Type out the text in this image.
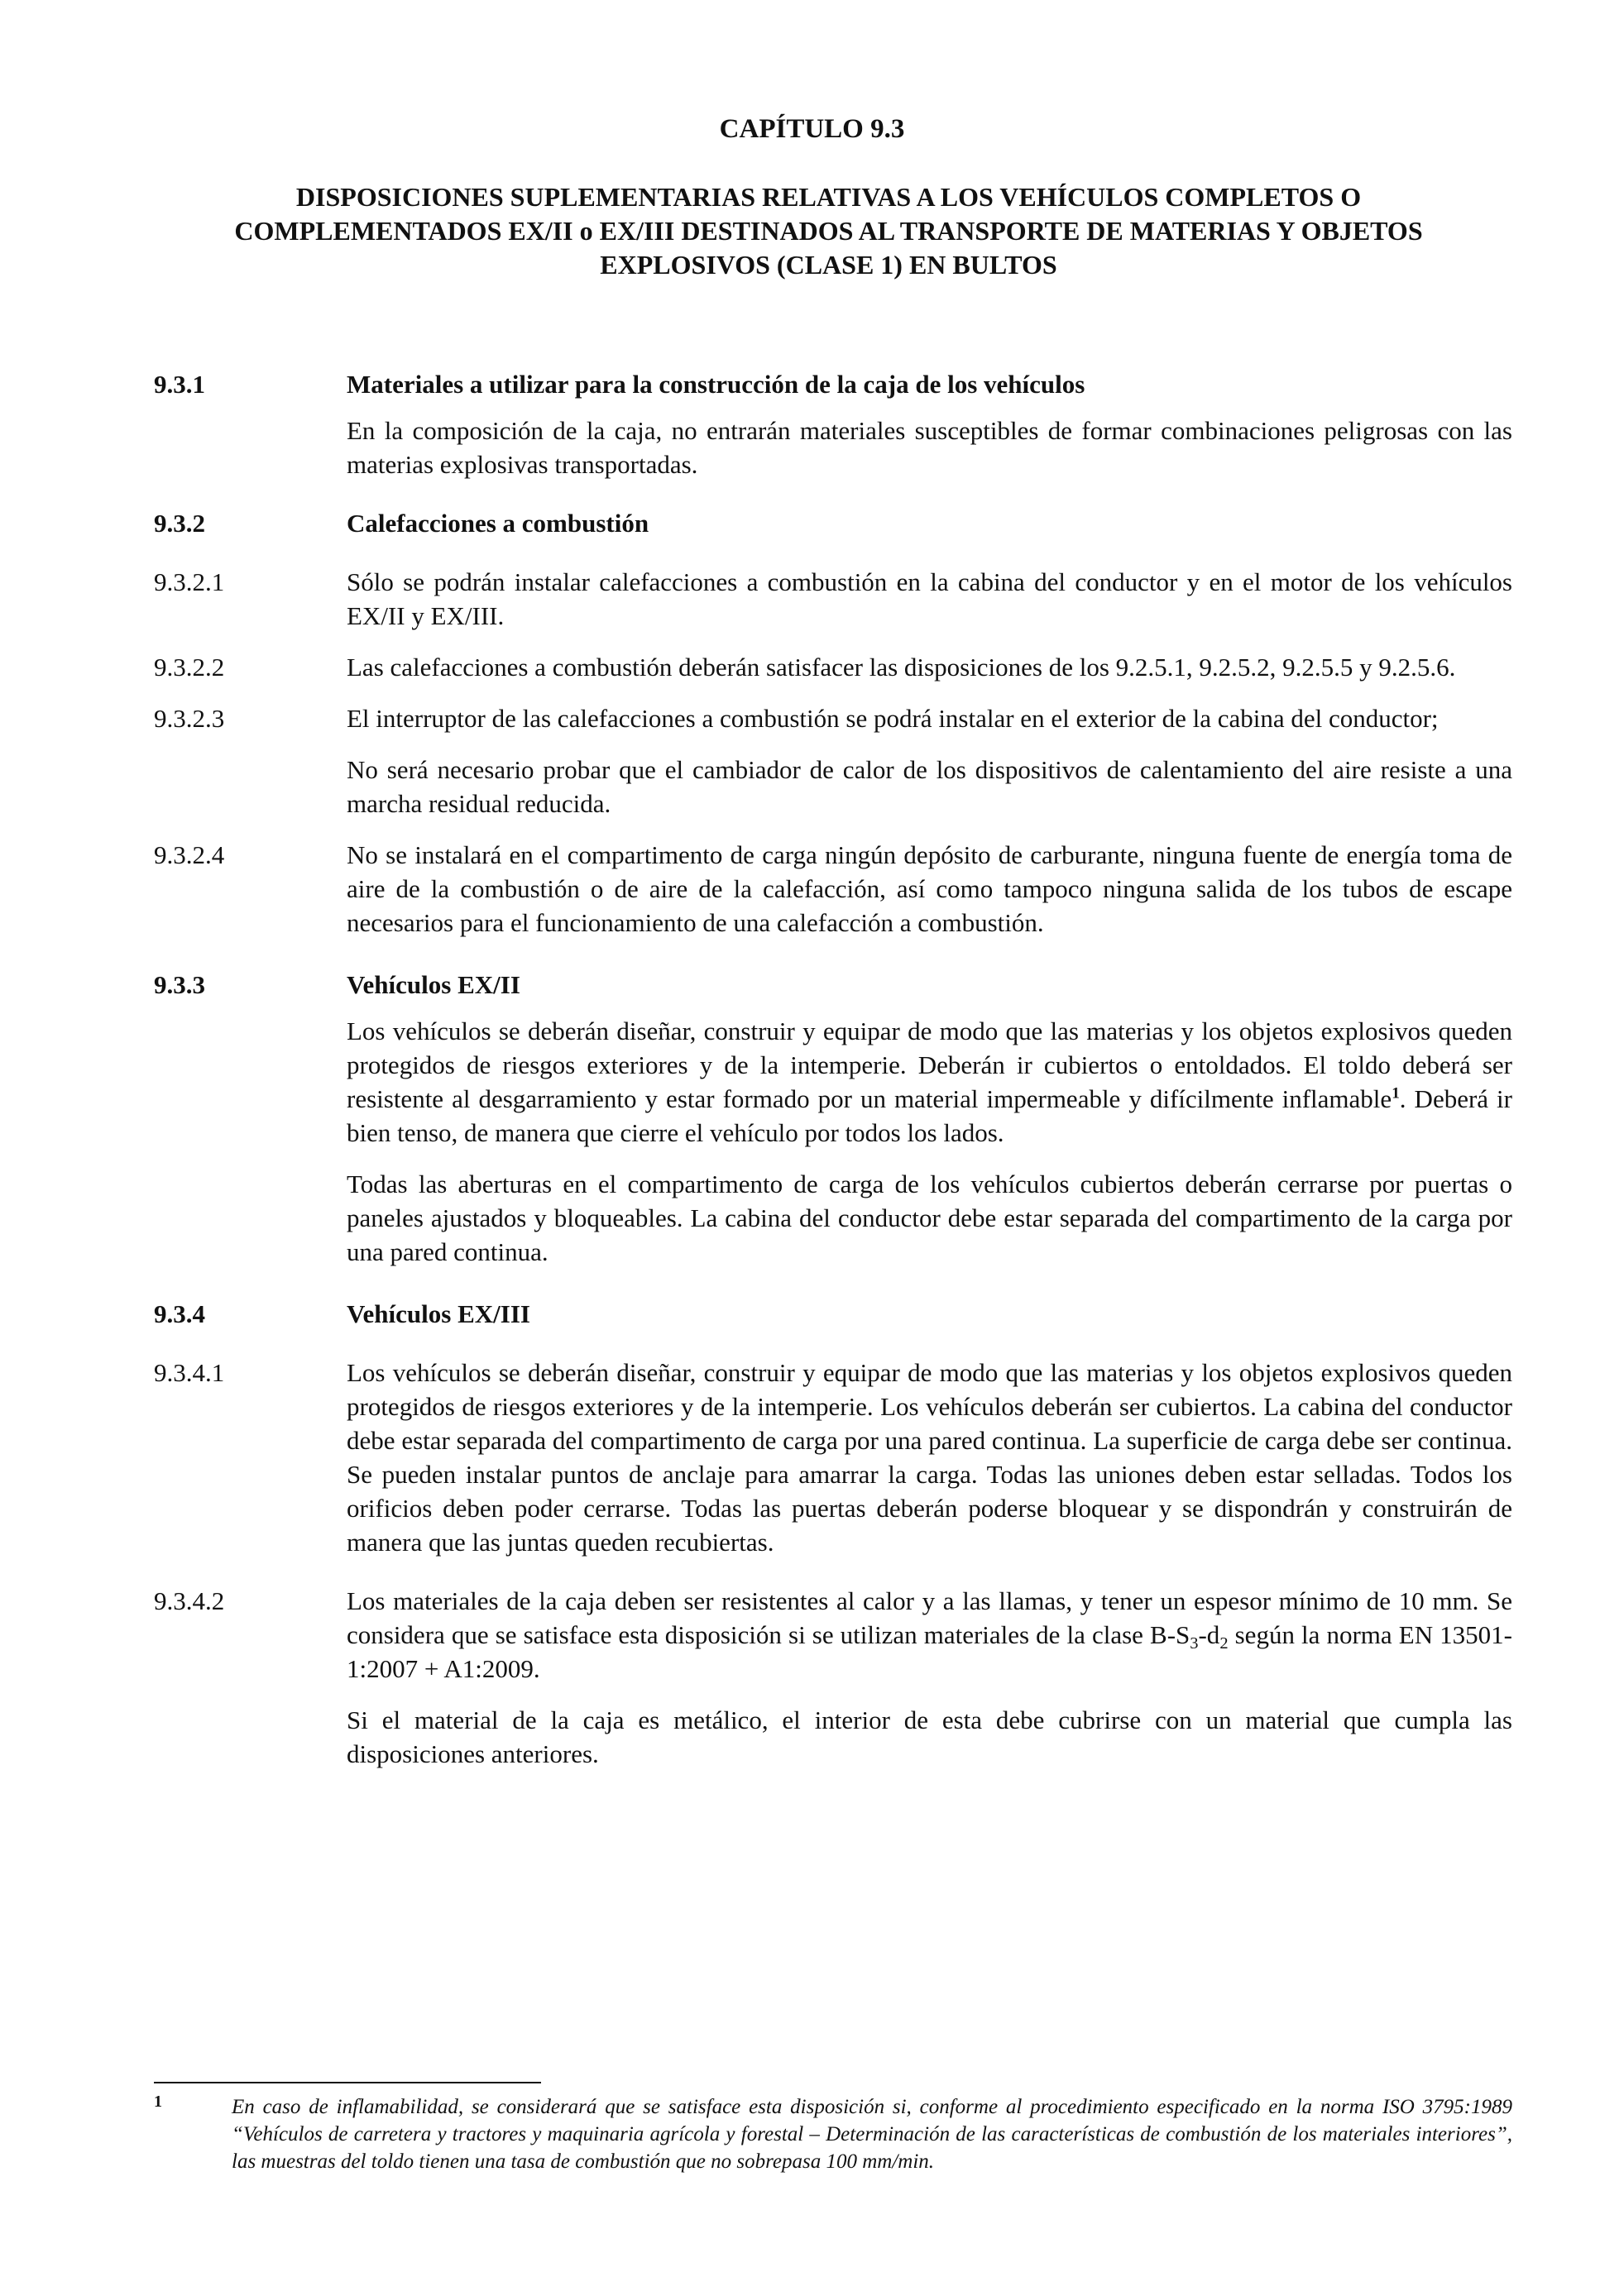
CAPÍTULO 9.3
DISPOSICIONES SUPLEMENTARIAS RELATIVAS A LOS VEHÍCULOS COMPLETOS O
COMPLEMENTADOS EX/II o EX/III DESTINADOS AL TRANSPORTE DE MATERIAS Y OBJETOS
EXPLOSIVOS (CLASE 1) EN BULTOS
9.3.1	Materiales a utilizar para la construcción de la caja de los vehículos
En la composición de la caja, no entrarán materiales susceptibles de formar combinaciones peligrosas con las materias explosivas transportadas.
9.3.2	Calefacciones a combustión
9.3.2.1	Sólo se podrán instalar calefacciones a combustión en la cabina del conductor y en el motor de los vehículos EX/II y EX/III.
9.3.2.2	Las calefacciones a combustión deberán satisfacer las disposiciones de los 9.2.5.1, 9.2.5.2, 9.2.5.5 y 9.2.5.6.
9.3.2.3	El interruptor de las calefacciones a combustión se podrá instalar en el exterior de la cabina del conductor;
No será necesario probar que el cambiador de calor de los dispositivos de calentamiento del aire resiste a una marcha residual reducida.
9.3.2.4	No se instalará en el compartimento de carga ningún depósito de carburante, ninguna fuente de energía toma de aire de la combustión o de aire de la calefacción, así como tampoco ninguna salida de los tubos de escape necesarios para el funcionamiento de una calefacción a combustión.
9.3.3	Vehículos EX/II
Los vehículos se deberán diseñar, construir y equipar de modo que las materias y los objetos explosivos queden protegidos de riesgos exteriores y de la intemperie. Deberán ir cubiertos o entoldados. El toldo deberá ser resistente al desgarramiento y estar formado por un material impermeable y difícilmente inflamable$^1$. Deberá ir bien tenso, de manera que cierre el vehículo por todos los lados.
Todas las aberturas en el compartimento de carga de los vehículos cubiertos deberán cerrarse por puertas o paneles ajustados y bloqueables. La cabina del conductor debe estar separada del compartimento de la carga por una pared continua.
9.3.4	Vehículos EX/III
9.3.4.1	Los vehículos se deberán diseñar, construir y equipar de modo que las materias y los objetos explosivos queden protegidos de riesgos exteriores y de la intemperie. Los vehículos deberán ser cubiertos. La cabina del conductor debe estar separada del compartimento de carga por una pared continua. La superficie de carga debe ser continua. Se pueden instalar puntos de anclaje para amarrar la carga. Todas las uniones deben estar selladas. Todos los orificios deben poder cerrarse. Todas las puertas deberán poderse bloquear y se dispondrán y construirán de manera que las juntas queden recubiertas.
9.3.4.2	Los materiales de la caja deben ser resistentes al calor y a las llamas, y tener un espesor mínimo de 10 mm. Se considera que se satisface esta disposición si se utilizan materiales de la clase $B-S_3-d_2$ según la norma EN 13501-1:2007 + A1:2009.
Si el material de la caja es metálico, el interior de esta debe cubrirse con un material que cumpla las disposiciones anteriores.
1	En caso de inflamabilidad, se considerará que se satisface esta disposición si, conforme al procedimiento especificado en la norma ISO 3795:1989 “Vehículos de carretera y tractores y maquinaria agrícola y forestal – Determinación de las características de combustión de los materiales interiores”, las muestras del toldo tienen una tasa de combustión que no sobrepasa 100 mm/min.
